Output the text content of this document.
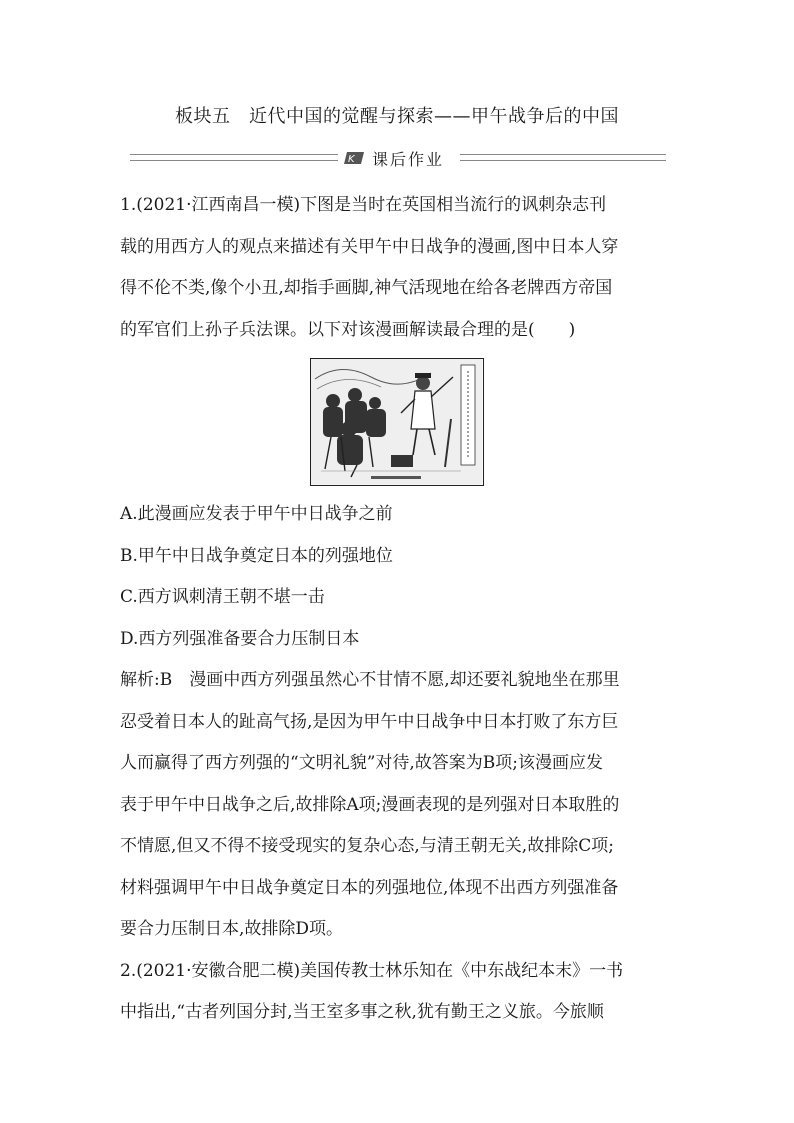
板块五　近代中国的觉醒与探索——甲午战争后的中国
K 课后作业

1.(2021·江西南昌一模)下图是当时在英国相当流行的讽刺杂志刊
载的用西方人的观点来描述有关甲午中日战争的漫画,图中日本人穿
得不伦不类,像个小丑,却指手画脚,神气活现地在给各老牌西方帝国
的军官们上孙子兵法课。以下对该漫画解读最合理的是(　　)

A.此漫画应发表于甲午中日战争之前
B.甲午中日战争奠定日本的列强地位
C.西方讽刺清王朝不堪一击
D.西方列强准备要合力压制日本
解析:B　漫画中西方列强虽然心不甘情不愿,却还要礼貌地坐在那里
忍受着日本人的趾高气扬,是因为甲午中日战争中日本打败了东方巨
人而赢得了西方列强的“文明礼貌”对待,故答案为B项;该漫画应发
表于甲午中日战争之后,故排除A项;漫画表现的是列强对日本取胜的
不情愿,但又不得不接受现实的复杂心态,与清王朝无关,故排除C项;
材料强调甲午中日战争奠定日本的列强地位,体现不出西方列强准备
要合力压制日本,故排除D项。

2.(2021·安徽合肥二模)美国传教士林乐知在《中东战纪本末》一书
中指出,“古者列国分封,当王室多事之秋,犹有勤王之义旅。今旅顺
